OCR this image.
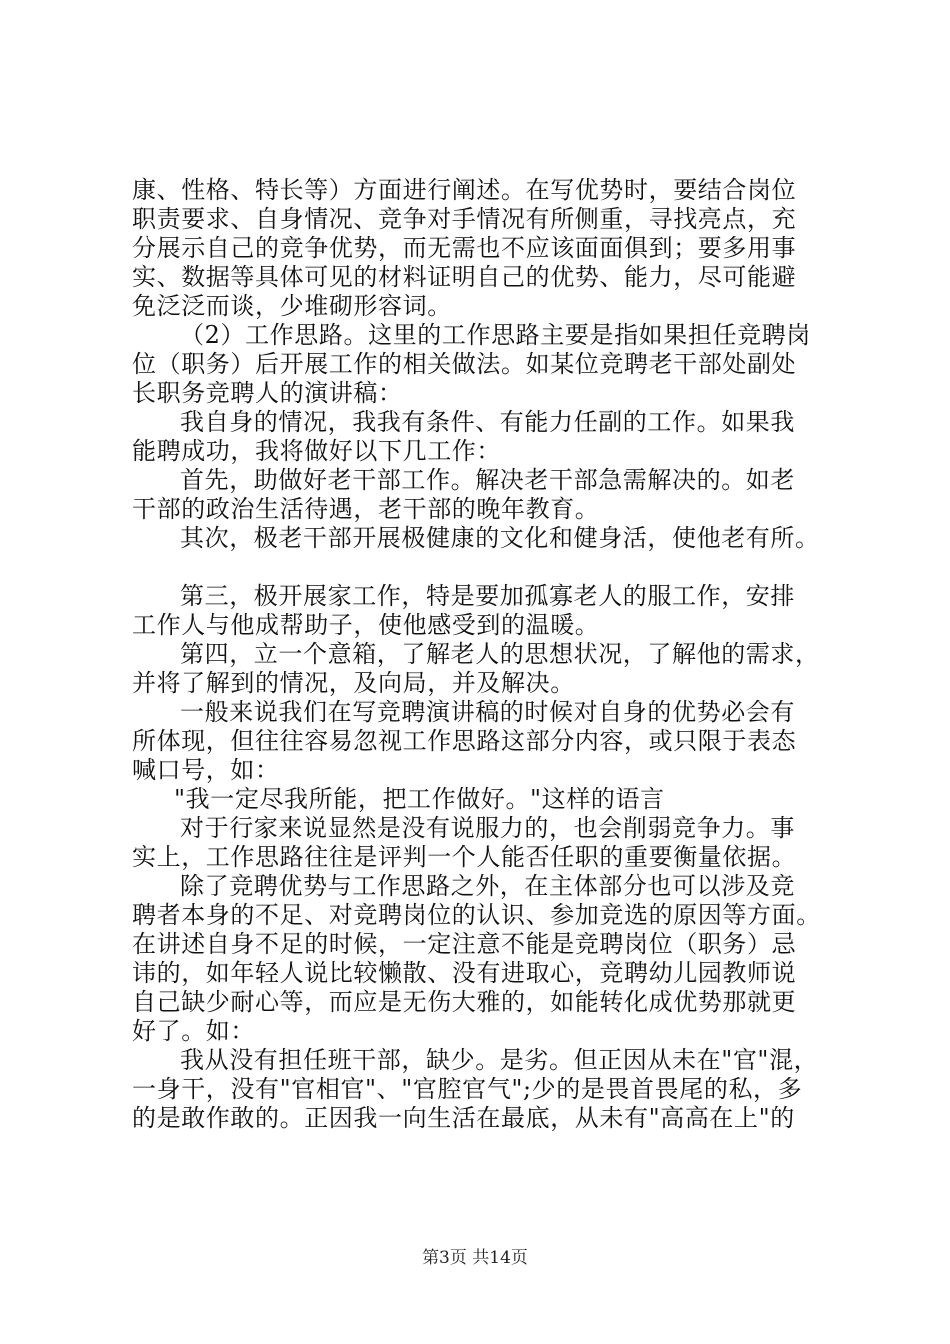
康、性格、特长等）方面进行阐述。在写优势时，要结合岗位
职责要求、自身情况、竞争对手情况有所侧重，寻找亮点，充
分展示自己的竞争优势，而无需也不应该面面俱到；要多用事
实、数据等具体可见的材料证明自己的优势、能力，尽可能避
免泛泛而谈，少堆砌形容词。
（2）工作思路。这里的工作思路主要是指如果担任竞聘岗
位（职务）后开展工作的相关做法。如某位竞聘老干部处副处
长职务竞聘人的演讲稿：
我自身的情况，我我有条件、有能力任副的工作。如果我
能聘成功，我将做好以下几工作：
首先，助做好老干部工作。解决老干部急需解决的。如老
干部的政治生活待遇，老干部的晚年教育。
其次，极老干部开展极健康的文化和健身活，使他老有所。
第三，极开展家工作，特是要加孤寡老人的服工作，安排
工作人与他成帮助子，使他感受到的温暖。
第四，立一个意箱，了解老人的思想状况，了解他的需求，
并将了解到的情况，及向局，并及解决。
一般来说我们在写竞聘演讲稿的时候对自身的优势必会有
所体现，但往往容易忽视工作思路这部分内容，或只限于表态
喊口号，如：
"我一定尽我所能，把工作做好。"这样的语言
对于行家来说显然是没有说服力的，也会削弱竞争力。事
实上，工作思路往往是评判一个人能否任职的重要衡量依据。
除了竞聘优势与工作思路之外，在主体部分也可以涉及竞
聘者本身的不足、对竞聘岗位的认识、参加竞选的原因等方面。
在讲述自身不足的时候，一定注意不能是竞聘岗位（职务）忌
讳的，如年轻人说比较懒散、没有进取心，竞聘幼儿园教师说
自己缺少耐心等，而应是无伤大雅的，如能转化成优势那就更
好了。如：
我从没有担任班干部，缺少。是劣。但正因从未在"官"混，
一身干，没有"官相官"、"官腔官气";少的是畏首畏尾的私，多
的是敢作敢的。正因我一向生活在最底，从未有"高高在上"的
第3页 共14页
